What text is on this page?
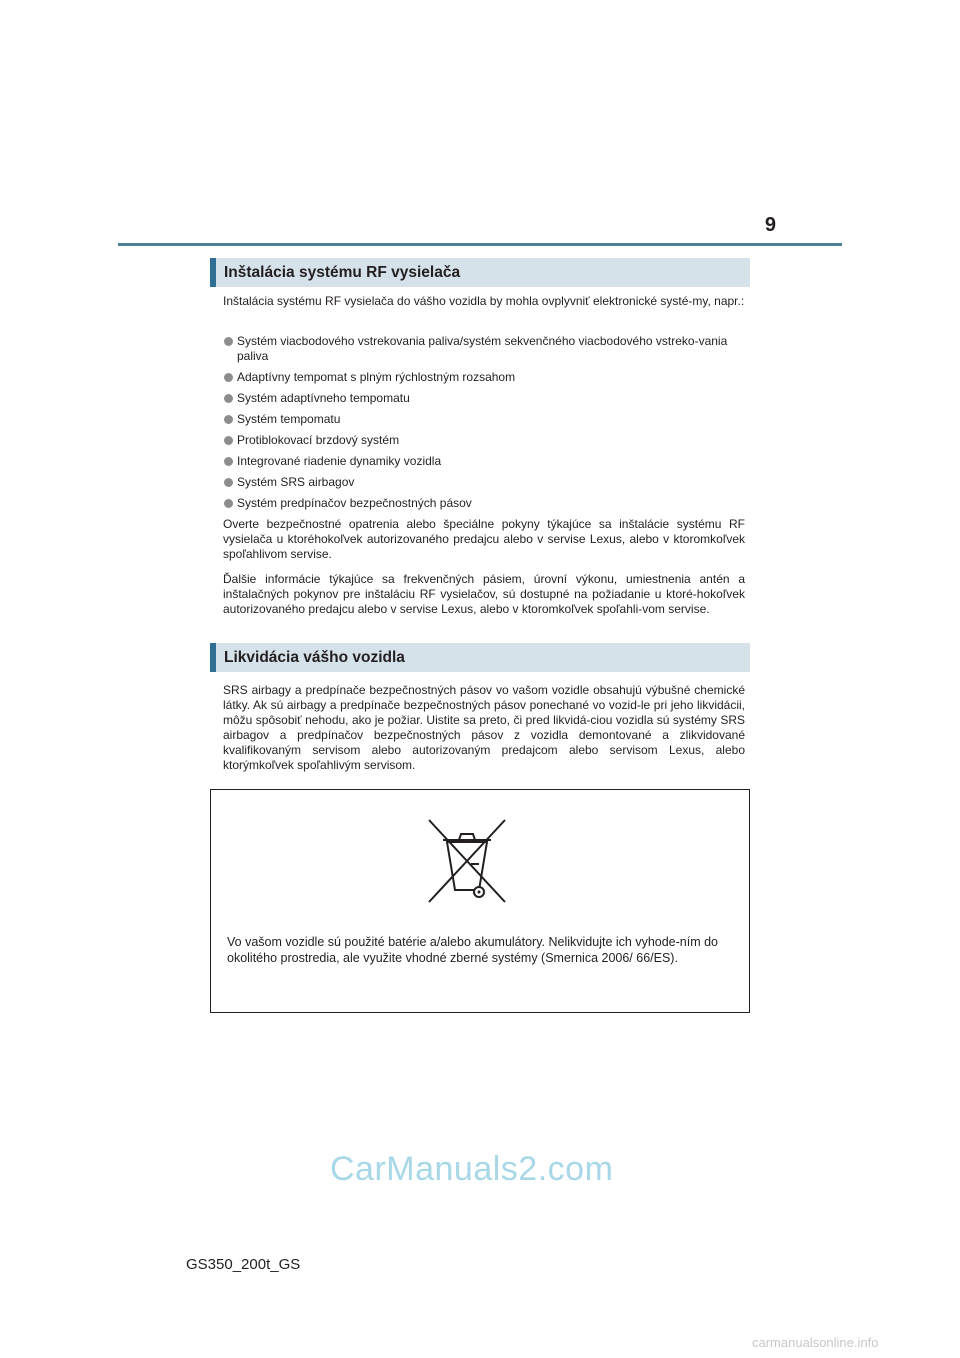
9
Inštalácia systému RF vysielača

Inštalácia systému RF vysielača do vášho vozidla by mohla ovplyvniť elektronické systé-my, napr.:

Systém viacbodového vstrekovania paliva/systém sekvenčného viacbodového vstreko-vania paliva
Adaptívny tempomat s plným rýchlostným rozsahom
Systém adaptívneho tempomatu
Systém tempomatu
Protiblokovací brzdový systém
Integrované riadenie dynamiky vozidla
Systém SRS airbagov
Systém predpínačov bezpečnostných pásov

Overte bezpečnostné opatrenia alebo špeciálne pokyny týkajúce sa inštalácie systému RF vysielača u ktoréhokoľvek autorizovaného predajcu alebo v servise Lexus, alebo v ktoromkoľvek spoľahlivom servise.

Ďalšie informácie týkajúce sa frekvenčných pásiem, úrovní výkonu, umiestnenia antén a inštalačných pokynov pre inštaláciu RF vysielačov, sú dostupné na požiadanie u ktoré-hokoľvek autorizovaného predajcu alebo v servise Lexus, alebo v ktoromkoľvek spoľahli-vom servise.

Likvidácia vášho vozidla

SRS airbagy a predpínače bezpečnostných pásov vo vašom vozidle obsahujú výbušné chemické látky. Ak sú airbagy a predpínače bezpečnostných pásov ponechané vo vozid-le pri jeho likvidácii, môžu spôsobiť nehodu, ako je požiar. Uistite sa preto, či pred likvidá-ciou vozidla sú systémy SRS airbagov a predpínačov bezpečnostných pásov z vozidla demontované a zlikvidované kvalifikovaným servisom alebo autorizovaným predajcom alebo servisom Lexus, alebo ktorýmkoľvek spoľahlivým servisom.

Vo vašom vozidle sú použité batérie a/alebo akumulátory. Nelikvidujte ich vyhode-ním do okolitého prostredia, ale využite vhodné zberné systémy (Smernica 2006/ 66/ES).

CarManuals2.com
GS350_200t_GS
carmanualsonline.info
